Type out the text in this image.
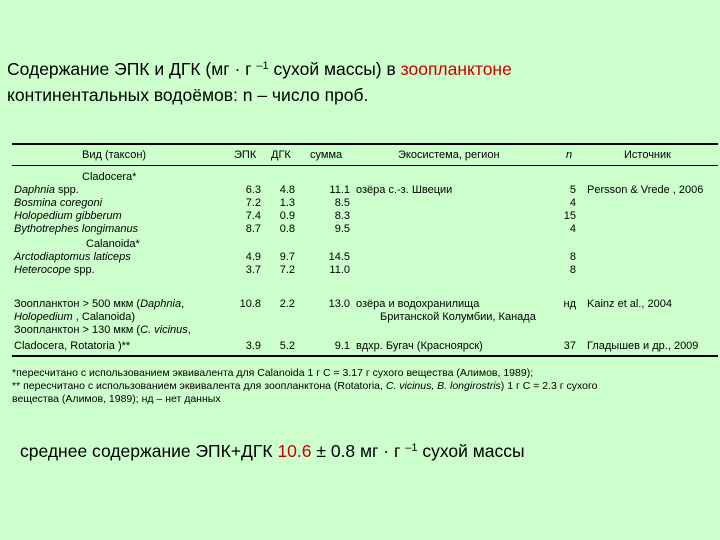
Содержание ЭПК и ДГК (мг · г $^{-1}$ сухой массы) в зоопланктоне
континентальных водоёмов: n – число проб.
Вид (таксон)	ЭПК ДГК сумма	Экосистема, регион	n	Источник
Cladocera*
Daphnia spp.	6.3	4.8	11.1 озёра с.-з. Швеции	5 Persson & Vrede , 2006
Bosmina coregoni	7.2	1.3	8.5	4
Holopedium gibberum	7.4	0.9	8.3	15
Bythotrephes longimanus	8.7	0.8	9.5	4
Calanoida*
Arctodiaptomus laticeps	4.9	9.7	14.5	8
Heterocope spp.	3.7	7.2	11.0	8
Зоопланктон > 500 мкм (Daphnia,	10.8	2.2	13.0 озёра и водохранилища	нд Kainz et al., 2004
Holopedium , Calanoida)	Британской Колумбии, Канада
Зоопланктон > 130 мкм (C. vicinus,
Cladocera, Rotatoria )**	3.9	5.2	9.1 вдхр. Бугач (Красноярск)	37 Гладышев и др., 2009
*пересчитано с использованием эквивалента для Calanoida 1 г C = 3.17 г сухого вещества (Алимов, 1989);
** пересчитано с использованием эквивалента для зоопланктона (Rotatoria, C. vicinus, B. longirostris) 1 г C = 2.3 г сухого
вещества (Алимов, 1989); нд – нет данных
среднее содержание ЭПК+ДГК 10.6 ± 0.8 мг · г $^{-1}$ сухой массы
